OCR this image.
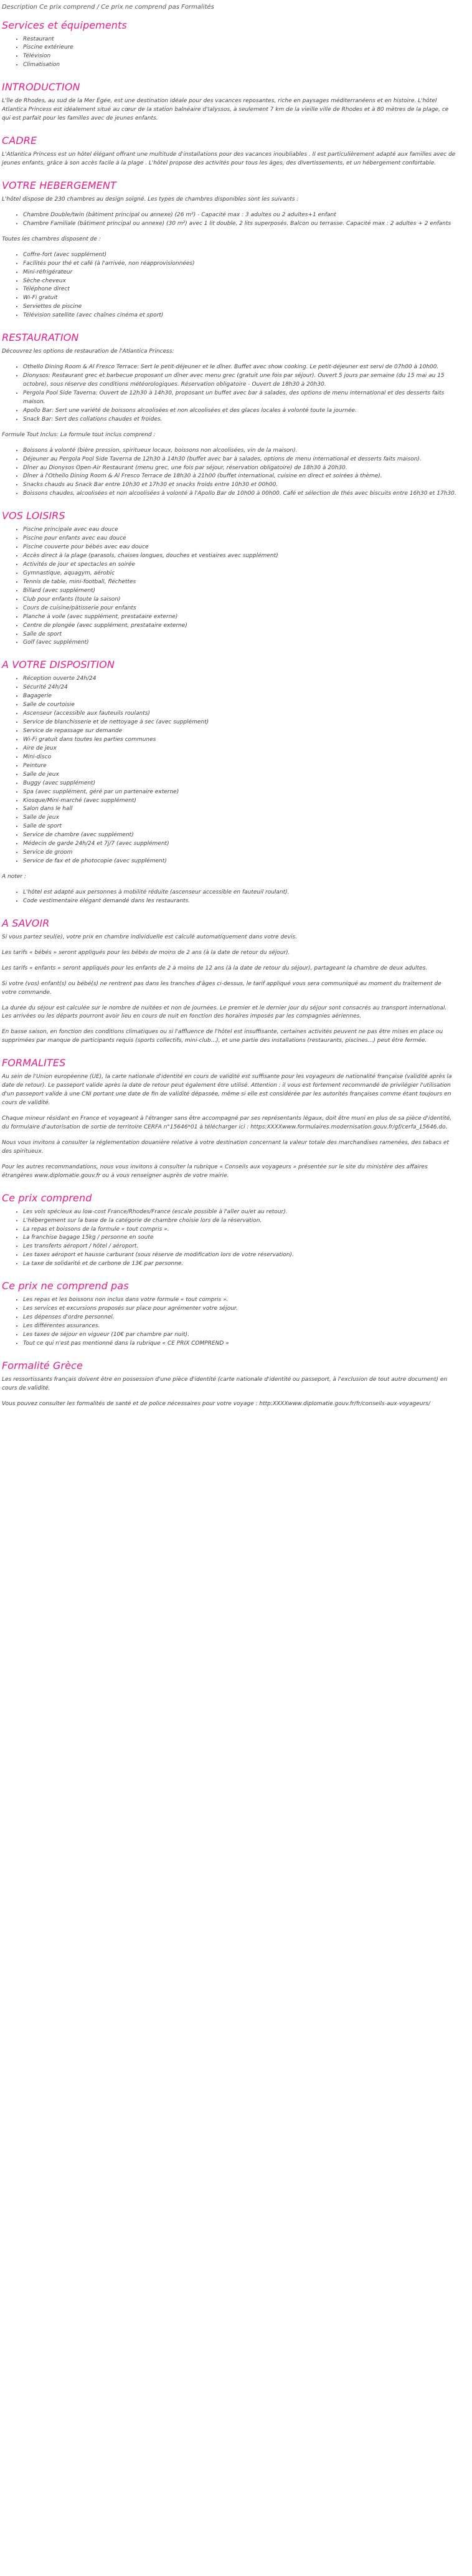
Description Ce prix comprend / Ce prix ne comprend pas Formalités
Services et équipements
• Restaurant
• Piscine extérieure
• Télévision
• Climatisation
INTRODUCTION

L'île de Rhodes, au sud de la Mer Égée, est une destination idéale pour des vacances reposantes, riche en paysages méditerranéens et en histoire. L'hôtel Atlantica Princess est idéalement situé au cœur de la station balnéaire d'Ialyssos, à seulement 7 km de la vieille ville de Rhodes et à 80 mètres de la plage, ce qui est parfait pour les familles avec de jeunes enfants.

CADRE

L'Atlantica Princess est un hôtel élégant offrant une multitude d'installations pour des vacances inoubliables . Il est particulièrement adapté aux familles avec de jeunes enfants, grâce à son accès facile à la plage . L'hôtel propose des activités pour tous les âges, des divertissements, et un hébergement confortable.

VOTRE HEBERGEMENT

L'hôtel dispose de 230 chambres au design soigné. Les types de chambres disponibles sont les suivants :

• Chambre Double/twin (bâtiment principal ou annexe) (26 m²) - Capacité max : 3 adultes ou 2 adultes+1 enfant
• Chambre Familiale (bâtiment principal ou annexe) (30 m²) avec 1 lit double, 2 lits superposés. Balcon ou terrasse. Capacité max : 2 adultes + 2 enfants

Toutes les chambres disposent de :

• Coffre-fort (avec supplément)
• Facilités pour thé et café (à l'arrivée, non réapprovisionnées)
• Mini-réfrigérateur
• Sèche-cheveux
• Téléphone direct
• Wi-Fi gratuit
• Serviettes de piscine
• Télévision satellite (avec chaînes cinéma et sport)
RESTAURATION

Découvrez les options de restauration de l'Atlantica Princess:

• Othello Dining Room & Al Fresco Terrace: Sert le petit-déjeuner et le dîner. Buffet avec show cooking. Le petit-déjeuner est servi de 07h00 à 10h00.
• Dionysos: Restaurant grec et barbecue proposant un dîner avec menu grec (gratuit une fois par séjour). Ouvert 5 jours par semaine (du 15 mai au 15 octobre), sous réserve des conditions météorologiques. Réservation obligatoire - Ouvert de 18h30 à 20h30.
• Pergola Pool Side Taverna: Ouvert de 12h30 à 14h30, proposant un buffet avec bar à salades, des options de menu international et des desserts faits maison.
• Apollo Bar: Sert une variété de boissons alcoolisées et non alcoolisées et des glaces locales à volonté toute la journée.
• Snack Bar: Sert des collations chaudes et froides.

Formule Tout Inclus: La formule tout inclus comprend :

• Boissons à volonté (bière pression, spiritueux locaux, boissons non alcoolisées, vin de la maison).
• Déjeuner au Pergola Pool Side Taverna de 12h30 à 14h30 (buffet avec bar à salades, options de menu international et desserts faits maison).
• Dîner au Dionysos Open-Air Restaurant (menu grec, une fois par séjour, réservation obligatoire) de 18h30 à 20h30.
• Dîner à l'Othello Dining Room & Al Fresco Terrace de 18h30 à 21h00 (buffet international, cuisine en direct et soirées à thème).
• Snacks chauds au Snack Bar entre 10h30 et 17h30 et snacks froids entre 10h30 et 00h00.
• Boissons chaudes, alcoolisées et non alcoolisées à volonté à l'Apollo Bar de 10h00 à 00h00. Café et sélection de thés avec biscuits entre 16h30 et 17h30.
VOS LOISIRS
• Piscine principale avec eau douce
• Piscine pour enfants avec eau douce
• Piscine couverte pour bébés avec eau douce
• Accès direct à la plage (parasols, chaises longues, douches et vestiaires avec supplément)
• Activités de jour et spectacles en soirée
• Gymnastique, aquagym, aérobic
• Tennis de table, mini-football, fléchettes
• Billard (avec supplément)
• Club pour enfants (toute la saison)
• Cours de cuisine/pâtisserie pour enfants
• Planche à voile (avec supplément, prestataire externe)
• Centre de plongée (avec supplément, prestataire externe)
• Salle de sport
• Golf (avec supplément)
A VOTRE DISPOSITION
• Réception ouverte 24h/24
• Sécurité 24h/24
• Bagagerie
• Salle de courtoisie
• Ascenseur (accessible aux fauteuils roulants)
• Service de blanchisserie et de nettoyage à sec (avec supplément)
• Service de repassage sur demande
• Wi-Fi gratuit dans toutes les parties communes
• Aire de jeux
• Mini-disco
• Peinture
• Salle de jeux
• Buggy (avec supplément)
• Spa (avec supplément, géré par un partenaire externe)
• Kiosque/Mini-marché (avec supplément)
• Salon dans le hall
• Salle de jeux
• Salle de sport
• Service de chambre (avec supplément)
• Médecin de garde 24h/24 et 7j/7 (avec supplément)
• Service de groom
• Service de fax et de photocopie (avec supplément)

A noter :

• L'hôtel est adapté aux personnes à mobilité réduite (ascenseur accessible en fauteuil roulant).
• Code vestimentaire élégant demandé dans les restaurants.
A SAVOIR

Si vous partez seul(e), votre prix en chambre individuelle est calculé automatiquement dans votre devis.

Les tarifs « bébés » seront appliqués pour les bébés de moins de 2 ans (à la date de retour du séjour).

Les tarifs « enfants » seront appliqués pour les enfants de 2 à moins de 12 ans (à la date de retour du séjour), partageant la chambre de deux adultes.

Si votre (vos) enfant(s) ou bébé(s) ne rentrent pas dans les tranches d'âges ci-dessus, le tarif appliqué vous sera communiqué au moment du traitement de votre commande.

La durée du séjour est calculée sur le nombre de nuitées et non de journées. Le premier et le dernier jour du séjour sont consacrés au transport international. Les arrivées ou les départs pourront avoir lieu en cours de nuit en fonction des horaires imposés par les compagnies aériennes.

En basse saison, en fonction des conditions climatiques ou si l'affluence de l'hôtel est insuffisante, certaines activités peuvent ne pas être mises en place ou supprimées par manque de participants requis (sports collectifs, mini-club...), et une partie des installations (restaurants, piscines...) peut être fermée.

FORMALITES

Au sein de l'Union européenne (UE), la carte nationale d'identité en cours de validité est suffisante pour les voyageurs de nationalité française (validité après la date de retour). Le passeport valide après la date de retour peut également être utilisé. Attention : il vous est fortement recommandé de privilégier l'utilisation d'un passeport valide à une CNI portant une date de fin de validité dépassée, même si elle est considérée par les autorités françaises comme étant toujours en cours de validité.

Chaque mineur résidant en France et voyageant à l'étranger sans être accompagné par ses représentants légaux, doit être muni en plus de sa pièce d'identité, du formulaire d'autorisation de sortie de territoire CERFA n°15646*01 à télécharger ici : https:XXXXwww.formulaires.modernisation.gouv.fr/gf/cerfa_15646.do.

Nous vous invitons à consulter la réglementation douanière relative à votre destination concernant la valeur totale des marchandises ramenées, des tabacs et des spiritueux.

Pour les autres recommandations, nous vous invitons à consulter la rubrique « Conseils aux voyageurs » présentée sur le site du ministère des affaires étrangères www.diplomatie.gouv.fr ou à vous renseigner auprès de votre mairie.

Ce prix comprend
• Les vols spécieux au low-cost France/Rhodes/France (escale possible à l'aller ou/et au retour).
• L'hébergement sur la base de la catégorie de chambre choisie lors de la réservation.
• La repas et boissons de la formule « tout compris ».
• La franchise bagage 15kg / personne en soute
• Les transferts aéroport / hôtel / aéroport.
• Les taxes aéroport et hausse carburant (sous réserve de modification lors de votre réservation).
• La taxe de solidarité et de carbone de 13€ par personne.
Ce prix ne comprend pas
• Les repas et les boissons non inclus dans votre formule « tout compris ».
• Les services et excursions proposés sur place pour agrémenter votre séjour.
• Les dépenses d'ordre personnel.
• Les différentes assurances.
• Les taxes de séjour en vigueur (10€ par chambre par nuit).
• Tout ce qui n'est pas mentionné dans la rubrique « CE PRIX COMPREND »
Formalité Grèce

Les ressortissants français doivent être en possession d'une pièce d'identité (carte nationale d'identité ou passeport, à l'exclusion de tout autre document) en cours de validité.

Vous pouvez consulter les formalités de santé et de police nécessaires pour votre voyage : http:XXXXwww.diplomatie.gouv.fr/fr/conseils-aux-voyageurs/
